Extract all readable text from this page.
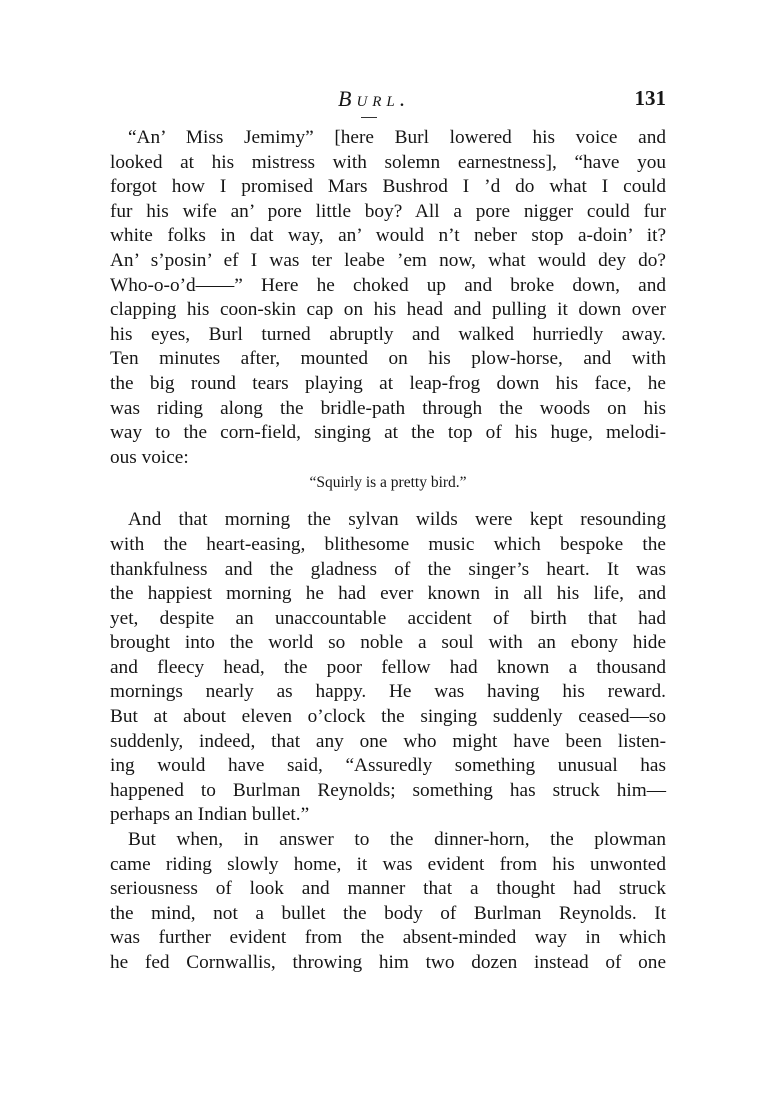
Burl.	131
“An’ Miss Jemimy” [here Burl lowered his voice and
looked at his mistress with solemn earnestness], “have you
forgot how I promised Mars Bushrod I ’d do what I could
fur his wife an’ pore little boy? All a pore nigger could fur
white folks in dat way, an’ would n’t neber stop a-doin’ it?
An’ s’posin’ ef I was ter leabe ’em now, what would dey do?
Who-o-o’d——” Here he choked up and broke down, and
clapping his coon-skin cap on his head and pulling it down over
his eyes, Burl turned abruptly and walked hurriedly away.
Ten minutes after, mounted on his plow-horse, and with
the big round tears playing at leap-frog down his face, he
was riding along the bridle-path through the woods on his
way to the corn-field, singing at the top of his huge, melodi-
ous voice:
“Squirly is a pretty bird.”
And that morning the sylvan wilds were kept resounding
with the heart-easing, blithesome music which bespoke the
thankfulness and the gladness of the singer’s heart. It was
the happiest morning he had ever known in all his life, and
yet, despite an unaccountable accident of birth that had
brought into the world so noble a soul with an ebony hide
and fleecy head, the poor fellow had known a thousand
mornings nearly as happy. He was having his reward.
But at about eleven o’clock the singing suddenly ceased—so
suddenly, indeed, that any one who might have been listen-
ing would have said, “Assuredly something unusual has
happened to Burlman Reynolds; something has struck him—
perhaps an Indian bullet.”
But when, in answer to the dinner-horn, the plowman
came riding slowly home, it was evident from his unwonted
seriousness of look and manner that a thought had struck
the mind, not a bullet the body of Burlman Reynolds. It
was further evident from the absent-minded way in which
he fed Cornwallis, throwing him two dozen instead of one
